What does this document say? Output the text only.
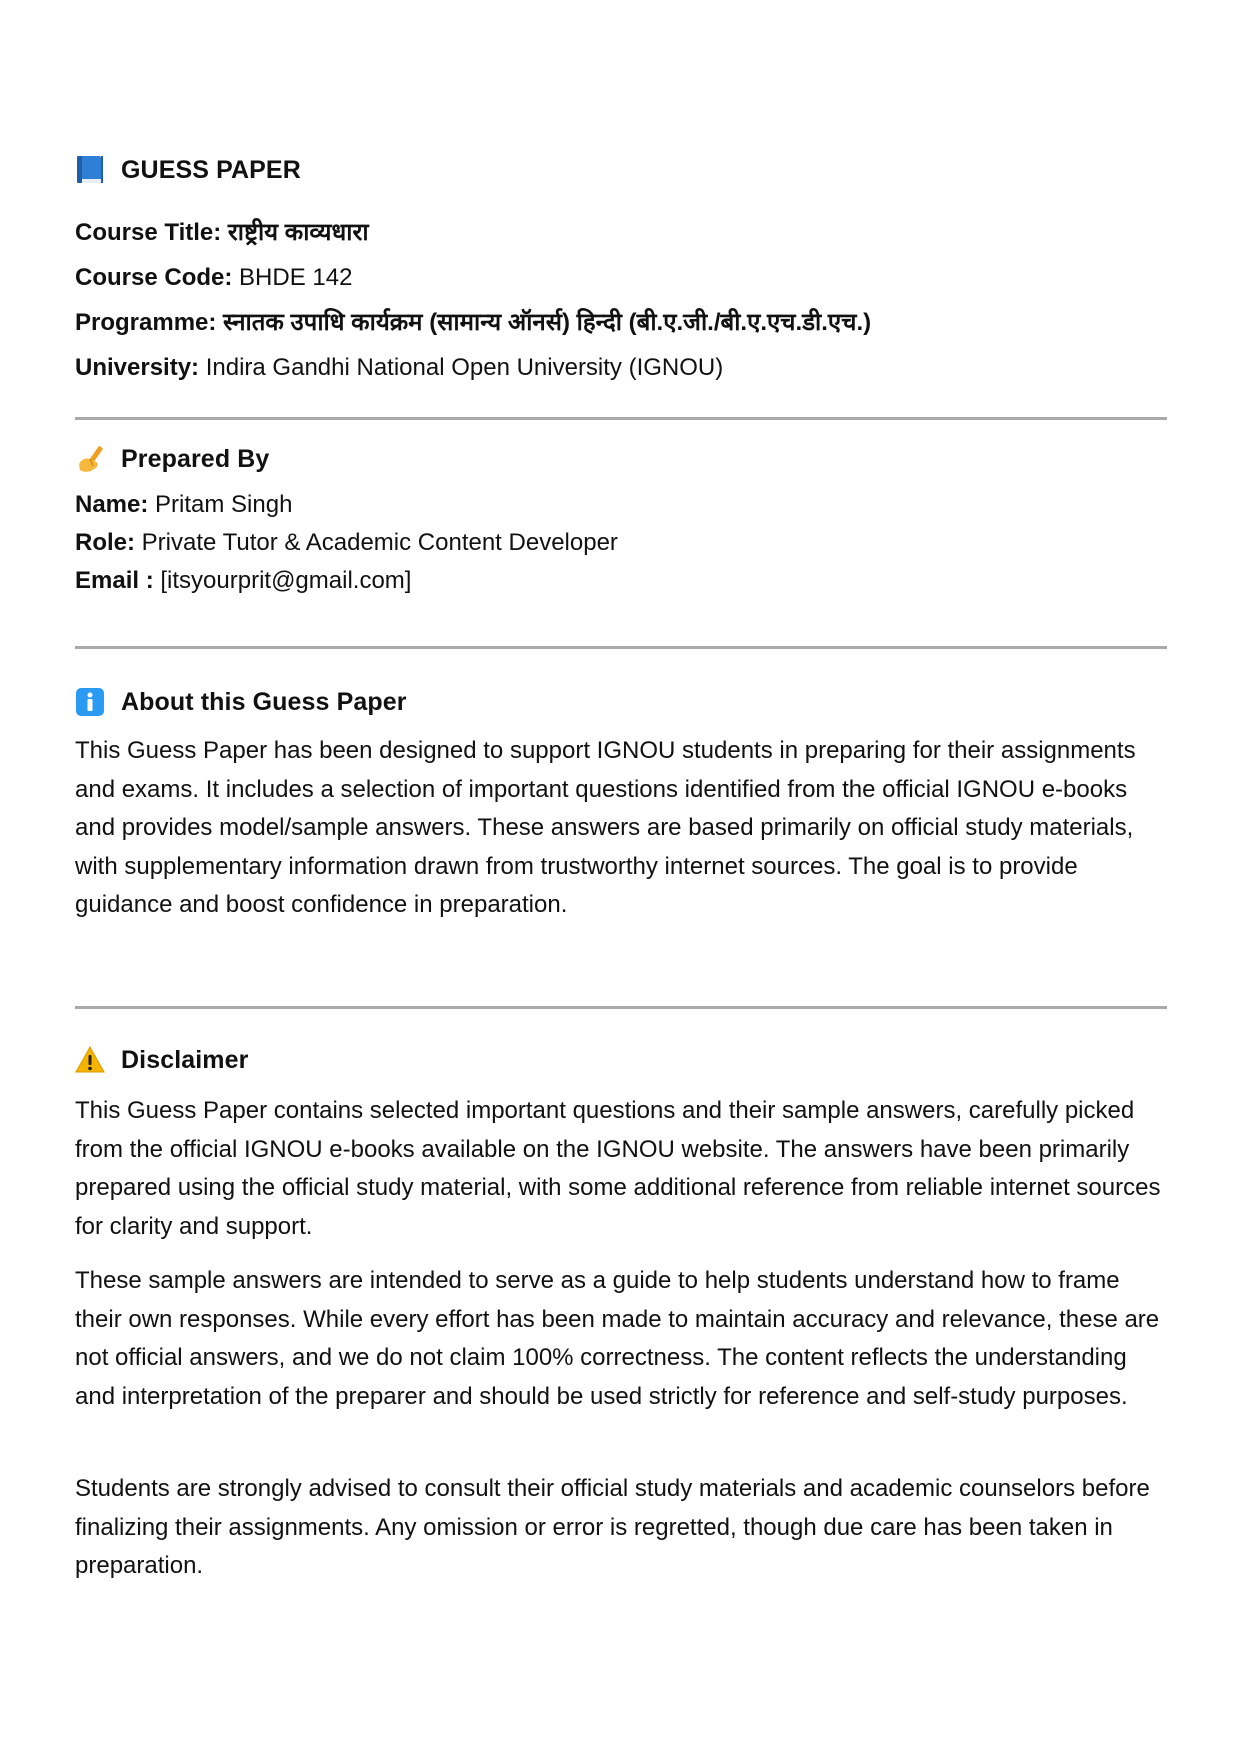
GUESS PAPER
Course Title: राष्ट्रीय काव्यधारा
Course Code: BHDE 142
Programme: स्नातक उपाधि कार्यक्रम (सामान्य ऑनर्स) हिन्दी (बी.ए.जी./बी.ए.एच.डी.एच.)
University: Indira Gandhi National Open University (IGNOU)
Prepared By
Name: Pritam Singh
Role: Private Tutor & Academic Content Developer
Email : [itsyourprit@gmail.com]
About this Guess Paper

This Guess Paper has been designed to support IGNOU students in preparing for their assignments and exams. It includes a selection of important questions identified from the official IGNOU e-books and provides model/sample answers. These answers are based primarily on official study materials, with supplementary information drawn from trustworthy internet sources. The goal is to provide guidance and boost confidence in preparation.

Disclaimer

This Guess Paper contains selected important questions and their sample answers, carefully picked from the official IGNOU e-books available on the IGNOU website. The answers have been primarily prepared using the official study material, with some additional reference from reliable internet sources for clarity and support.

These sample answers are intended to serve as a guide to help students understand how to frame their own responses. While every effort has been made to maintain accuracy and relevance, these are not official answers, and we do not claim 100% correctness. The content reflects the understanding and interpretation of the preparer and should be used strictly for reference and self-study purposes.

Students are strongly advised to consult their official study materials and academic counselors before finalizing their assignments. Any omission or error is regretted, though due care has been taken in preparation.
